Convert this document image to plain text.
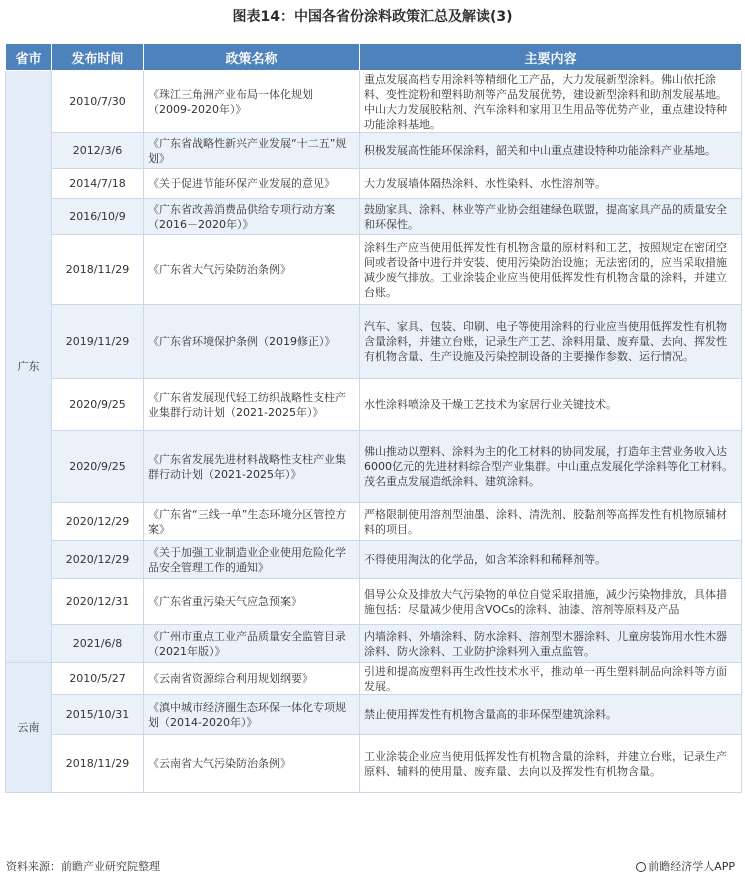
图表14：中国各省份涂料政策汇总及解读(3)
省市	发布时间	政策名称	主要内容
广东	2010/7/30	《珠江三角洲产业布局一体化规划（2009-2020年）》	重点发展高档专用涂料等精细化工产品，大力发展新型涂料。佛山依托涂料、变性淀粉和塑料助剂等产品发展优势，建设新型涂料和助剂发展基地。中山大力发展胶粘剂、汽车涂料和家用卫生用品等优势产业，重点建设特种功能涂料基地。
	2012/3/6	《广东省战略性新兴产业发展“十二五”规划》	积极发展高性能环保涂料，韶关和中山重点建设特种功能涂料产业基地。
	2014/7/18	《关于促进节能环保产业发展的意见》	大力发展墙体隔热涂料、水性染料、水性溶剂等。
	2016/10/9	《广东省改善消费品供给专项行动方案（2016－2020年）》	鼓励家具、涂料、林业等产业协会组建绿色联盟，提高家具产品的质量安全和环保性。
	2018/11/29	《广东省大气污染防治条例》	涂料生产应当使用低挥发性有机物含量的原材料和工艺，按照规定在密闭空间或者设备中进行并安装、使用污染防治设施；无法密闭的，应当采取措施减少废气排放。工业涂装企业应当使用低挥发性有机物含量的涂料，并建立台账。
	2019/11/29	《广东省环境保护条例（2019修正）》	汽车、家具、包装、印刷、电子等使用涂料的行业应当使用低挥发性有机物含量涂料，并建立台账，记录生产工艺、涂料用量、废弃量、去向、挥发性有机物含量、生产设施及污染控制设备的主要操作参数、运行情况。
	2020/9/25	《广东省发展现代轻工纺织战略性支柱产业集群行动计划（2021-2025年）》	水性涂料喷涂及干燥工艺技术为家居行业关键技术。
	2020/9/25	《广东省发展先进材料战略性支柱产业集群行动计划（2021-2025年）》	佛山推动以塑料、涂料为主的化工材料的协同发展，打造年主营业务收入达6000亿元的先进材料综合型产业集群。中山重点发展化学涂料等化工材料。茂名重点发展造纸涂料、建筑涂料。
	2020/12/29	《广东省“三线一单”生态环境分区管控方案》	严格限制使用溶剂型油墨、涂料、清洗剂、胶黏剂等高挥发性有机物原辅材料的项目。
	2020/12/29	《关于加强工业制造业企业使用危险化学品安全管理工作的通知》	不得使用淘汰的化学品，如含苯涂料和稀释剂等。
	2020/12/31	《广东省重污染天气应急预案》	倡导公众及排放大气污染物的单位自觉采取措施，减少污染物排放，具体措施包括：尽量减少使用含VOCs的涂料、油漆、溶剂等原料及产品
	2021/6/8	《广州市重点工业产品质量安全监管目录（2021年版）》	内墙涂料、外墙涂料、防水涂料、溶剂型木器涂料、儿童房装饰用水性木器涂料、防火涂料、工业防护涂料列入重点监管。
云南	2010/5/27	《云南省资源综合利用规划纲要》	引进和提高废塑料再生改性技术水平，推动单一再生塑料制品向涂料等方面发展。
	2015/10/31	《滇中城市经济圈生态环保一体化专项规划（2014-2020年）》	禁止使用挥发性有机物含量高的非环保型建筑涂料。
	2018/11/29	《云南省大气污染防治条例》	工业涂装企业应当使用低挥发性有机物含量的涂料，并建立台账，记录生产原料、辅料的使用量、废弃量、去向以及挥发性有机物含量。
资料来源：前瞻产业研究院整理	前瞻经济学人APP
